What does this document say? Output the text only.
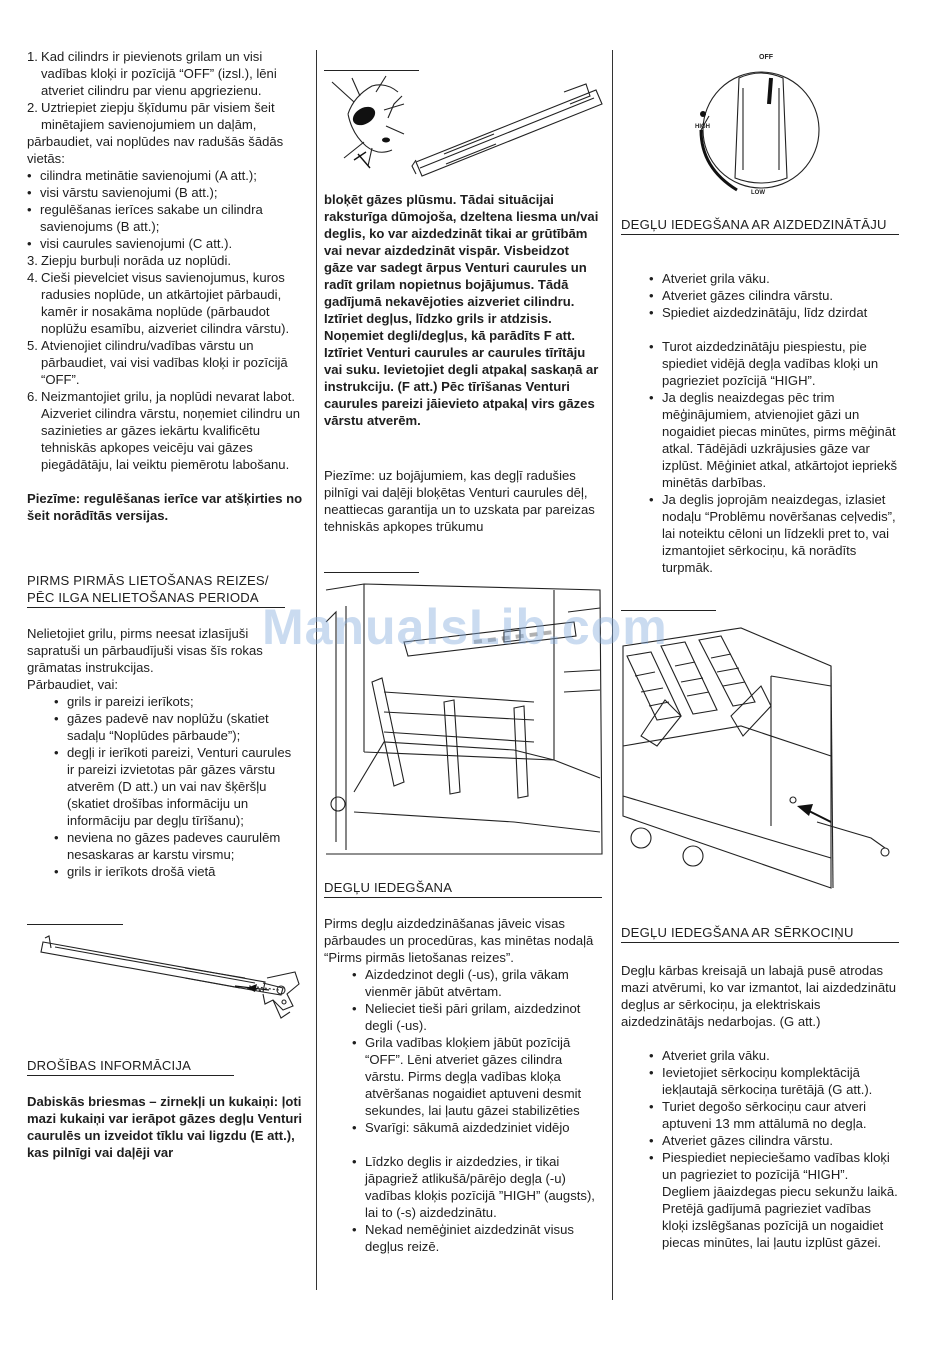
1. Kad cilindrs ir pievienots grilam un visi vadības kloķi ir pozīcijā “OFF” (izsl.), lēni atveriet cilindru par vienu apgriezienu.
2. Uztriepiet ziepju šķīdumu pār visiem šeit minētajiem savienojumiem un daļām,

pārbaudiet, vai noplūdes nav radušās šādās vietās:

• cilindra metinātie savienojumi (A att.);
• visi vārstu savienojumi (B att.);
• regulēšanas ierīces sakabe un cilindra savienojums (B att.);
• visi caurules savienojumi (C att.).
3. Ziepju burbuļi norāda uz noplūdi.
4. Cieši pievelciet visus savienojumus, kuros radusies noplūde, un atkārtojiet pārbaudi, kamēr ir nosakāma noplūde (pārbaudot noplūžu esamību, aizveriet cilindra vārstu).
5. Atvienojiet cilindru/vadības vārstu un pārbaudiet, vai visi vadības kloķi ir pozīcijā “OFF”.
6. Neizmantojiet grilu, ja noplūdi nevarat labot. Aizveriet cilindra vārstu, noņemiet cilindru un sazinieties ar gāzes iekārtu kvalificētu tehniskās apkopes veicēju vai gāzes piegādātāju, lai veiktu piemērotu labošanu.

Piezīme: regulēšanas ierīce var atšķirties no šeit norādītās versijas.

PIRMS PIRMĀS LIETOŠANAS REIZES/ PĒC ILGA NELIETOŠANAS PERIODA

Nelietojiet grilu, pirms neesat izlasījuši sapratuši un pārbaudījuši visas šīs rokas grāmatas instrukcijas.

Pārbaudiet, vai:

• grils ir pareizi ierīkots;
• gāzes padevē nav noplūžu (skatiet sadaļu “Noplūdes pārbaude”);
• degļi ir ierīkoti pareizi, Venturi caurules ir pareizi izvietotas pār gāzes vārstu atverēm (D att.) un vai nav šķēršļu (skatiet drošības informāciju un informāciju par degļu tīrīšanu);
• neviena no gāzes padeves caurulēm nesaskaras ar karstu virsmu;
• grils ir ierīkots drošā vietā
DROŠĪBAS INFORMĀCIJA

Dabiskās briesmas – zirnekļi un kukaiņi: ļoti mazi kukaiņi var ierāpot gāzes degļu Venturi caurulēs un izveidot tīklu vai ligzdu (E att.), kas pilnīgi vai daļēji var

bloķēt gāzes plūsmu. Tādai situācijai raksturīga dūmojoša, dzeltena liesma un/vai deglis, ko var aizdedzināt tikai ar grūtībām vai nevar aizdedzināt vispār. Visbeidzot gāze var sadegt ārpus Venturi caurules un radīt grilam nopietnus bojājumus. Tādā gadījumā nekavējoties aizveriet cilindru. Iztīriet degļus, līdzko grils ir atdzisis. Noņemiet degli/degļus, kā parādīts F att. Iztīriet Venturi caurules ar caurules tīrītāju vai suku. Ievietojiet degli atpakaļ saskaņā ar instrukciju. (F att.) Pēc tīrīšanas Venturi caurules pareizi jāievieto atpakaļ virs gāzes vārstu atverēm.

Piezīme: uz bojājumiem, kas degļī radušies pilnīgi vai daļēji bloķētas Venturi caurules dēļ, neattiecas garantija un to uzskata par pareizas tehniskās apkopes trūkumu

DEGĻU IEDEGŠANA

Pirms degļu aizdedzināšanas jāveic visas pārbaudes un procedūras, kas minētas nodaļā “Pirms pirmās lietošanas reizes”.

• Aizdedzinot degli (-us), grila vākam vienmēr jābūt atvērtam.
• Nelieciet tieši pāri grilam, aizdedzinot degli (-us).
• Grila vadības kloķiem jābūt pozīcijā “OFF”. Lēni atveriet gāzes cilindra vārstu. Pirms degļa vadības kloķa atvēršanas nogaidiet aptuveni desmit sekundes, lai ļautu gāzei stabilizēties
• Svarīgi: sākumā aizdedziniet vidējo
• Līdzko deglis ir aizdedzies, ir tikai jāpagriež atlikušā/pārējo degļa (-u) vadības kloķis pozīcijā ”HIGH” (augsts), lai to (-s) aizdedzinātu.
• Nekad nemēģiniet aizdedzināt visus degļus reizē.
OFF
HIGH
LOW
DEGĻU IEDEGŠANA AR AIZDEDZINĀTĀJU
• Atveriet grila vāku.
• Atveriet gāzes cilindra vārstu.
• Spiediet aizdedzinātāju, līdz dzirdat
• Turot aizdedzinātāju piespiestu, pie spiediet vidējā degļa vadības kloķi un pagrieziet pozīcijā “HIGH”.
• Ja deglis neaizdegas pēc trim mēģinājumiem, atvienojiet gāzi un nogaidiet piecas minūtes, pirms mēģināt atkal. Tādējādi uzkrājusies gāze var izplūst. Mēģiniet atkal, atkārtojot iepriekš minētās darbības.
• Ja deglis joprojām neaizdegas, izlasiet nodaļu “Problēmu novēršanas ceļvedis”, lai noteiktu cēloni un līdzekli pret to, vai izmantojiet sērkociņu, kā norādīts turpmāk.
DEGĻU IEDEGŠANA AR SĒRKOCIŅU

Degļu kārbas kreisajā un labajā pusē atrodas mazi atvērumi, ko var izmantot, lai aizdedzinātu degļus ar sērkociņu, ja elektriskais aizdedzinātājs nedarbojas. (G att.)

• Atveriet grila vāku.
• Ievietojiet sērkociņu komplektācijā iekļautajā sērkociņa turētājā (G att.).
• Turiet degošo sērkociņu caur atveri aptuveni 13 mm attālumā no degļa.
• Atveriet gāzes cilindra vārstu.
• Piespiediet nepieciešamo vadības kloķi un pagrieziet to pozīcijā “HIGH”. Degliem jāaizdegas piecu sekunžu laikā. Pretējā gadījumā pagrieziet vadības kloķi izslēgšanas pozīcijā un nogaidiet piecas minūtes, lai ļautu izplūst gāzei.
ManualsLib.com
